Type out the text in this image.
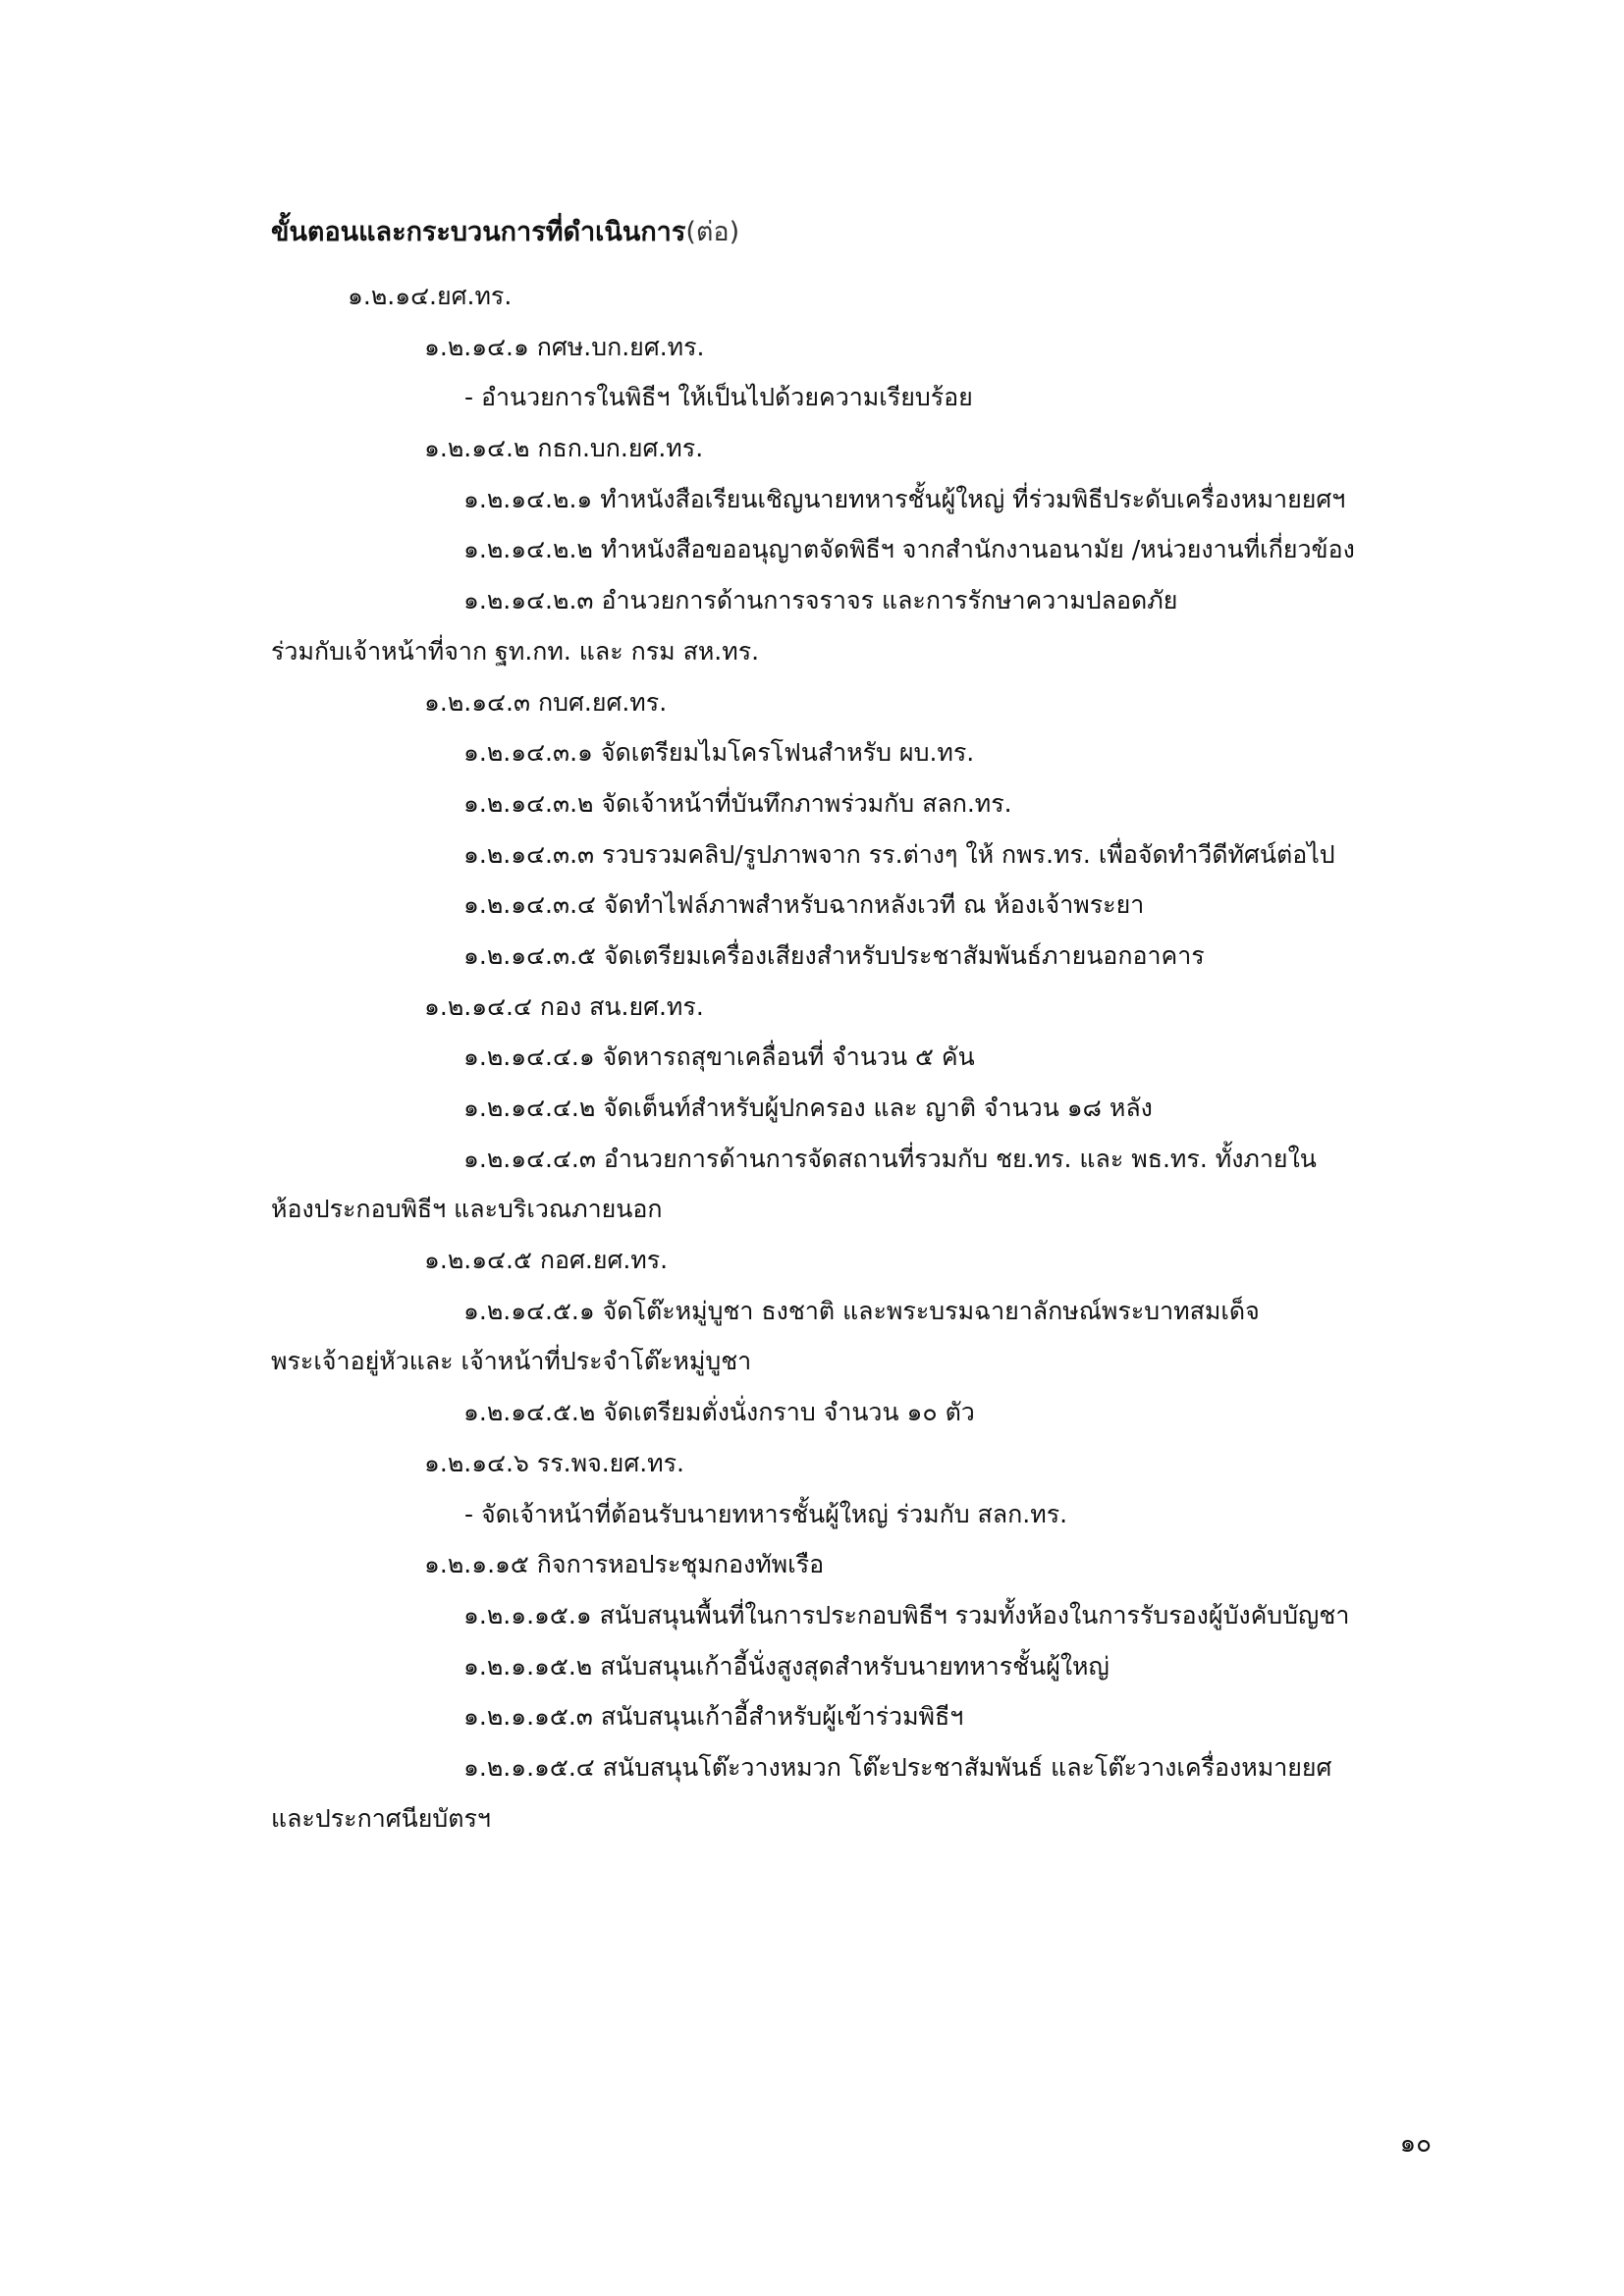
ขั้นตอนและกระบวนการที่ดำเนินการ(ต่อ)
๑.๒.๑๔.ยศ.ทร.
๑.๒.๑๔.๑ กศษ.บก.ยศ.ทร.
- อำนวยการในพิธีฯ ให้เป็นไปด้วยความเรียบร้อย
๑.๒.๑๔.๒ กธก.บก.ยศ.ทร.
๑.๒.๑๔.๒.๑ ทำหนังสือเรียนเชิญนายทหารชั้นผู้ใหญ่ ที่ร่วมพิธีประดับเครื่องหมายยศฯ
๑.๒.๑๔.๒.๒ ทำหนังสือขออนุญาตจัดพิธีฯ จากสำนักงานอนามัย /หน่วยงานที่เกี่ยวข้อง
๑.๒.๑๔.๒.๓ อำนวยการด้านการจราจร และการรักษาความปลอดภัย
ร่วมกับเจ้าหน้าที่จาก ฐท.กท. และ กรม สห.ทร.
๑.๒.๑๔.๓ กบศ.ยศ.ทร.
๑.๒.๑๔.๓.๑ จัดเตรียมไมโครโฟนสำหรับ ผบ.ทร.
๑.๒.๑๔.๓.๒ จัดเจ้าหน้าที่บันทึกภาพร่วมกับ สลก.ทร.
๑.๒.๑๔.๓.๓ รวบรวมคลิป/รูปภาพจาก รร.ต่างๆ ให้ กพร.ทร. เพื่อจัดทำวีดีทัศน์ต่อไป
๑.๒.๑๔.๓.๔ จัดทำไฟล์ภาพสำหรับฉากหลังเวที ณ ห้องเจ้าพระยา
๑.๒.๑๔.๓.๕ จัดเตรียมเครื่องเสียงสำหรับประชาสัมพันธ์ภายนอกอาคาร
๑.๒.๑๔.๔ กอง สน.ยศ.ทร.
๑.๒.๑๔.๔.๑ จัดหารถสุขาเคลื่อนที่ จำนวน ๕ คัน
๑.๒.๑๔.๔.๒ จัดเต็นท์สำหรับผู้ปกครอง และ ญาติ จำนวน ๑๘ หลัง
๑.๒.๑๔.๔.๓ อำนวยการด้านการจัดสถานที่รวมกับ ชย.ทร. และ พธ.ทร. ทั้งภายใน
ห้องประกอบพิธีฯ และบริเวณภายนอก
๑.๒.๑๔.๕ กอศ.ยศ.ทร.
๑.๒.๑๔.๕.๑ จัดโต๊ะหมู่บูชา ธงชาติ และพระบรมฉายาลักษณ์พระบาทสมเด็จ
พระเจ้าอยู่หัวและ เจ้าหน้าที่ประจำโต๊ะหมู่บูชา
๑.๒.๑๔.๕.๒ จัดเตรียมตั่งนั่งกราบ จำนวน ๑๐ ตัว
๑.๒.๑๔.๖ รร.พจ.ยศ.ทร.
- จัดเจ้าหน้าที่ต้อนรับนายทหารชั้นผู้ใหญ่ ร่วมกับ สลก.ทร.
๑.๒.๑.๑๕ กิจการหอประชุมกองทัพเรือ
๑.๒.๑.๑๕.๑ สนับสนุนพื้นที่ในการประกอบพิธีฯ รวมทั้งห้องในการรับรองผู้บังคับบัญชา
๑.๒.๑.๑๕.๒ สนับสนุนเก้าอี้นั่งสูงสุดสำหรับนายทหารชั้นผู้ใหญ่
๑.๒.๑.๑๕.๓ สนับสนุนเก้าอี้สำหรับผู้เข้าร่วมพิธีฯ
๑.๒.๑.๑๕.๔ สนับสนุนโต๊ะวางหมวก โต๊ะประชาสัมพันธ์ และโต๊ะวางเครื่องหมายยศ
และประกาศนียบัตรฯ
๑๐
